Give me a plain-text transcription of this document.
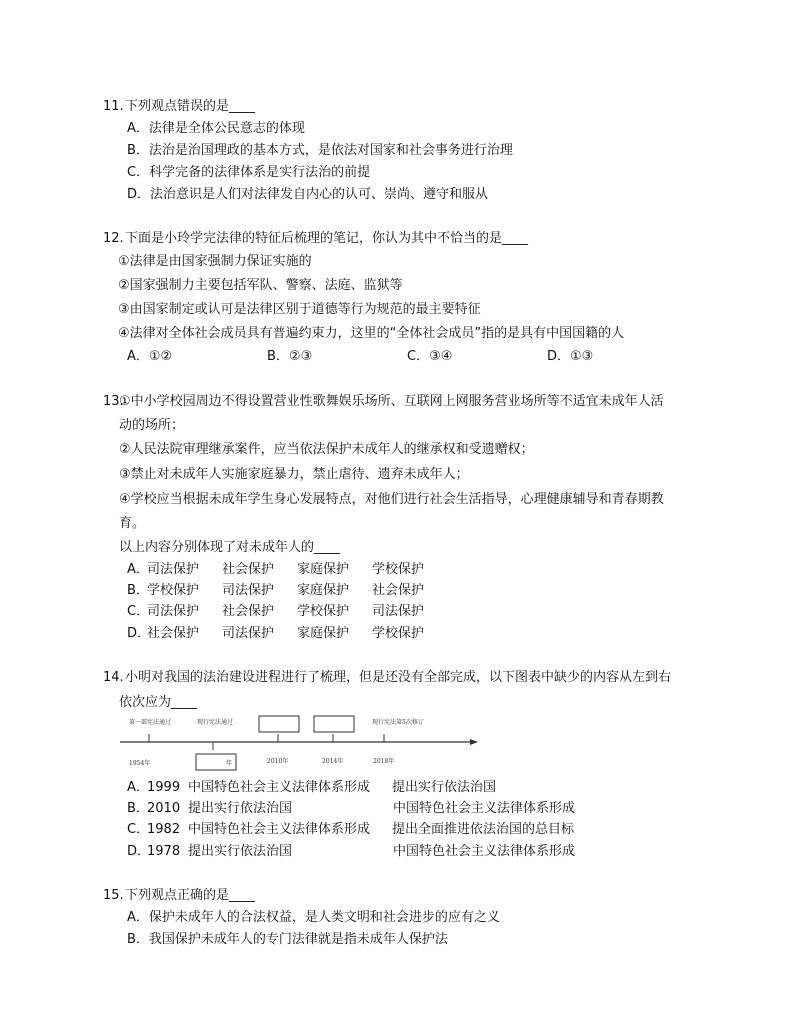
11. 下列观点错误的是____
A．法律是全体公民意志的体现
B．法治是治国理政的基本方式，是依法对国家和社会事务进行治理
C．科学完备的法律体系是实行法治的前提
D．法治意识是人们对法律发自内心的认可、崇尚、遵守和服从
12. 下面是小玲学完法律的特征后梳理的笔记，你认为其中不恰当的是____
①法律是由国家强制力保证实施的
②国家强制力主要包括军队、警察、法庭、监狱等
③由国家制定或认可是法律区别于道德等行为规范的最主要特征
④法律对全体社会成员具有普遍约束力，这里的“全体社会成员”指的是具有中国国籍的人
A．①②	B．②③	C．③④	D．①③
13.
①中小学校园周边不得设置营业性歌舞娱乐场所、互联网上网服务营业场所等不适宜未成年人活
动的场所；
②人民法院审理继承案件，应当依法保护未成年人的继承权和受遗赠权；
③禁止对未成年人实施家庭暴力，禁止虐待、遗弃未成年人；
④学校应当根据未成年学生身心发展特点，对他们进行社会生活指导，心理健康辅导和青春期教
育。
以上内容分别体现了对未成年人的____
A．
司法保护 社会保护 家庭保护 学校保护
B．
学校保护 司法保护 家庭保护 社会保护
C．
司法保护 社会保护 学校保护 司法保护
D．
社会保护 司法保护 家庭保护 学校保护
14. 小明对我国的法治建设进程进行了梳理，但是还没有全部完成，以下图表中缺少的内容从左到右
依次应为____
第一部宪法通过	现行宪法通过	现行宪法第5次修订
1954年	年	2010年	2014年	2018年
A．
1999 中国特色社会主义法律体系形成 提出实行依法治国
B．
2010 提出实行依法治国	中国特色社会主义法律体系形成
C．
1982 中国特色社会主义法律体系形成 提出全面推进依法治国的总目标
D．
1978 提出实行依法治国	中国特色社会主义法律体系形成
15. 下列观点正确的是____
A．保护未成年人的合法权益，是人类文明和社会进步的应有之义
B．我国保护未成年人的专门法律就是指未成年人保护法
